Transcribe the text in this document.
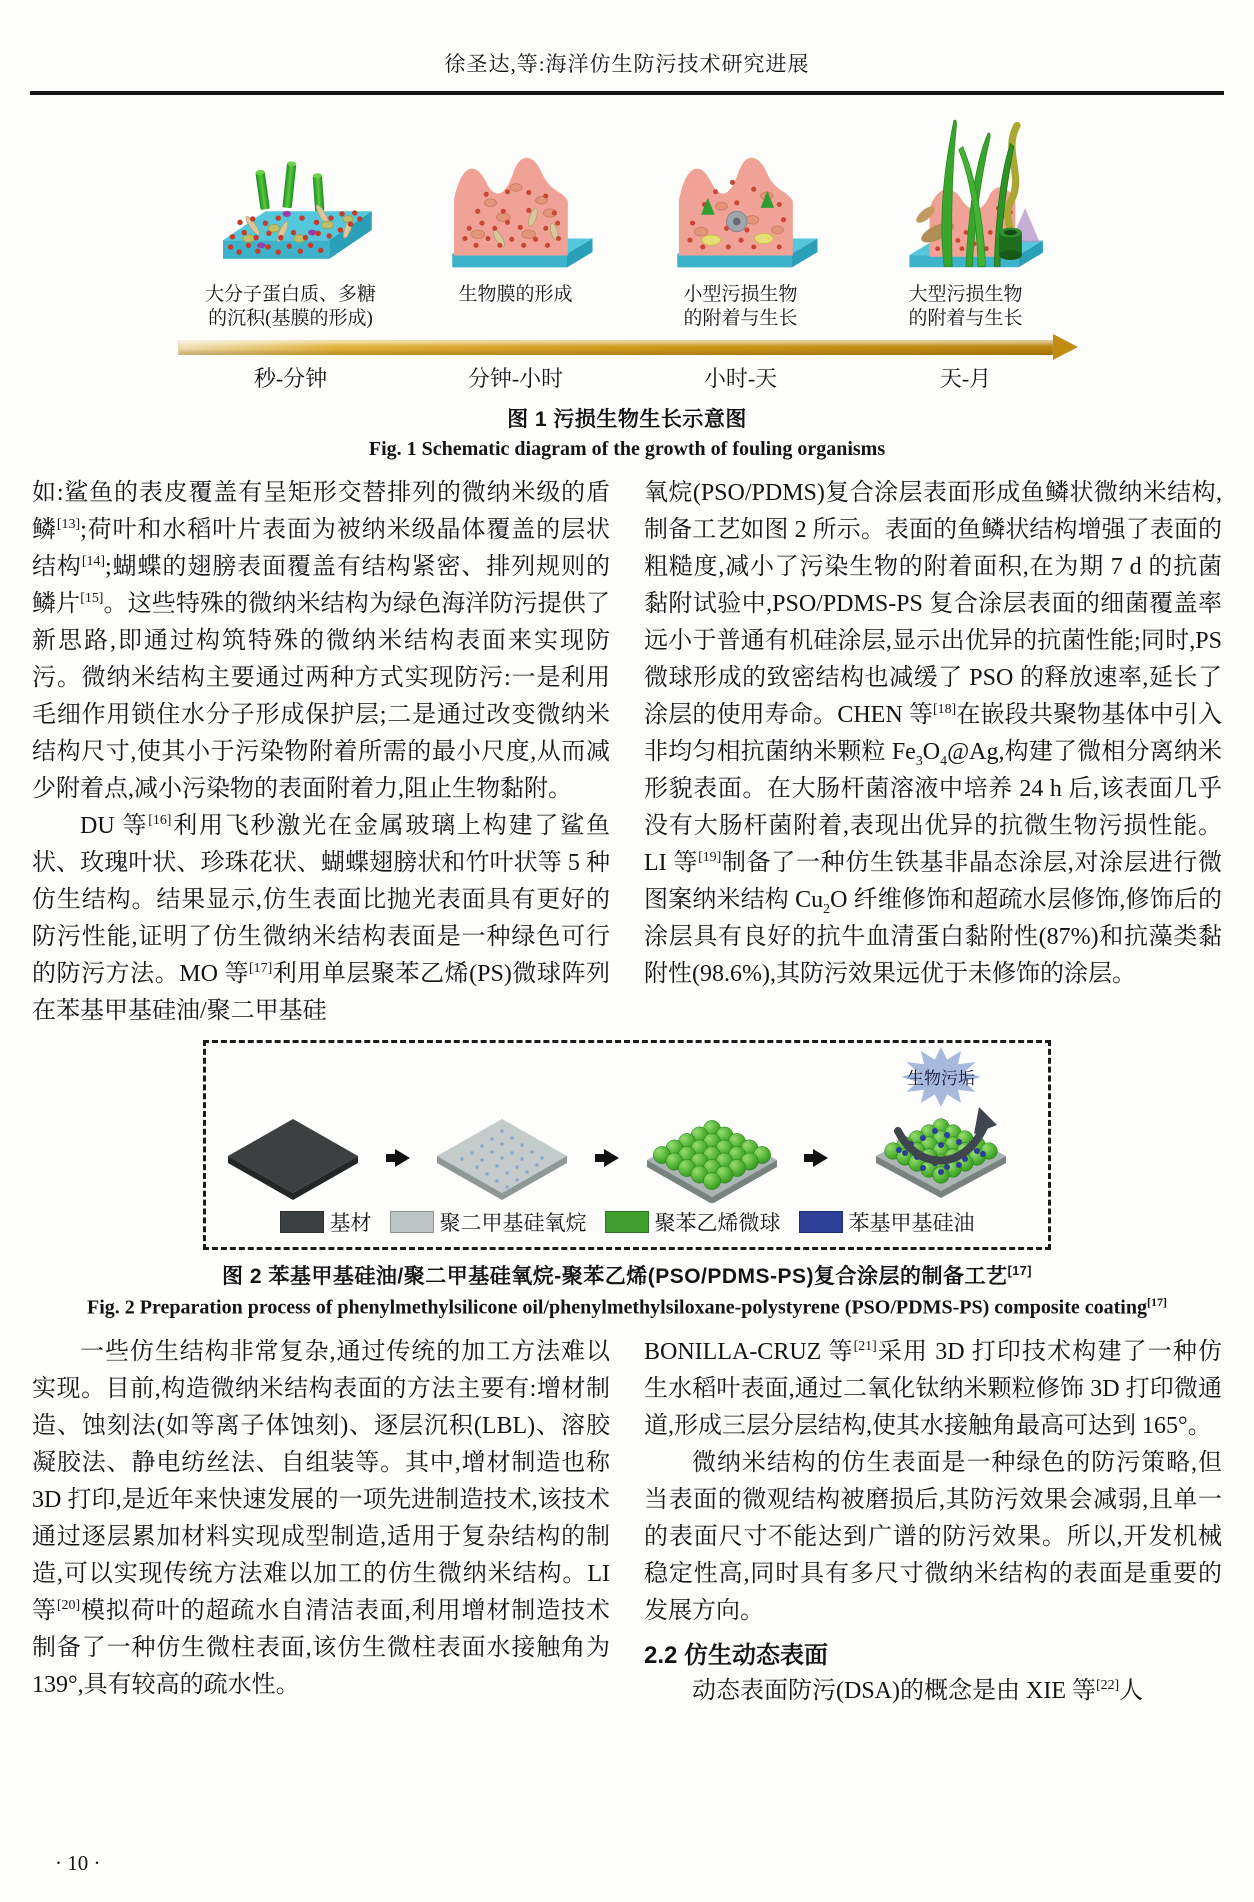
徐圣达,等:海洋仿生防污技术研究进展
大分子蛋白质、多糖
的沉积(基膜的形成)
生物膜的形成	小型污损生物
的附着与生长
大型污损生物
的附着与生长
秒-分钟	分钟-小时	小时-天	天-月
图 1 污损生物生长示意图
Fig. 1 Schematic diagram of the growth of fouling organisms

如:鲨鱼的表皮覆盖有呈矩形交替排列的微纳米级的盾鳞[13];荷叶和水稻叶片表面为被纳米级晶体覆盖的层状结构[14];蝴蝶的翅膀表面覆盖有结构紧密、排列规则的鳞片[15]。这些特殊的微纳米结构为绿色海洋防污提供了新思路,即通过构筑特殊的微纳米结构表面来实现防污。微纳米结构主要通过两种方式实现防污:一是利用毛细作用锁住水分子形成保护层;二是通过改变微纳米结构尺寸,使其小于污染物附着所需的最小尺度,从而减少附着点,减小污染物的表面附着力,阻止生物黏附。

DU 等[16]利用飞秒激光在金属玻璃上构建了鲨鱼状、玫瑰叶状、珍珠花状、蝴蝶翅膀状和竹叶状等 5 种仿生结构。结果显示,仿生表面比抛光表面具有更好的防污性能,证明了仿生微纳米结构表面是一种绿色可行的防污方法。MO 等[17]利用单层聚苯乙烯(PS)微球阵列在苯基甲基硅油/聚二甲基硅

氧烷(PSO/PDMS)复合涂层表面形成鱼鳞状微纳米结构,制备工艺如图 2 所示。表面的鱼鳞状结构增强了表面的粗糙度,减小了污染生物的附着面积,在为期 7 d 的抗菌黏附试验中,PSO/PDMS-PS 复合涂层表面的细菌覆盖率远小于普通有机硅涂层,显示出优异的抗菌性能;同时,PS 微球形成的致密结构也减缓了 PSO 的释放速率,延长了涂层的使用寿命。CHEN 等[18]在嵌段共聚物基体中引入非均匀相抗菌纳米颗粒 $Fe_3O_4@Ag$,构建了微相分离纳米形貌表面。在大肠杆菌溶液中培养 24 h 后,该表面几乎没有大肠杆菌附着,表现出优异的抗微生物污损性能。LI 等[19]制备了一种仿生铁基非晶态涂层,对涂层进行微图案纳米结构 $Cu_2O$ 纤维修饰和超疏水层修饰,修饰后的涂层具有良好的抗牛血清蛋白黏附性(87%)和抗藻类黏附性(98.6%),其防污效果远优于未修饰的涂层。

生物污垢
基材	聚二甲基硅氧烷	聚苯乙烯微球	苯基甲基硅油
图 2 苯基甲基硅油/聚二甲基硅氧烷-聚苯乙烯(PSO/PDMS-PS)复合涂层的制备工艺[17]
Fig. 2 Preparation process of phenylmethylsilicone oil/phenylmethylsiloxane-polystyrene (PSO/PDMS-PS) composite coating[17]

一些仿生结构非常复杂,通过传统的加工方法难以实现。目前,构造微纳米结构表面的方法主要有:增材制造、蚀刻法(如等离子体蚀刻)、逐层沉积(LBL)、溶胶凝胶法、静电纺丝法、自组装等。其中,增材制造也称 3D 打印,是近年来快速发展的一项先进制造技术,该技术通过逐层累加材料实现成型制造,适用于复杂结构的制造,可以实现传统方法难以加工的仿生微纳米结构。LI 等[20]模拟荷叶的超疏水自清洁表面,利用增材制造技术制备了一种仿生微柱表面,该仿生微柱表面水接触角为 139°,具有较高的疏水性。

BONILLA-CRUZ 等[21]采用 3D 打印技术构建了一种仿生水稻叶表面,通过二氧化钛纳米颗粒修饰 3D 打印微通道,形成三层分层结构,使其水接触角最高可达到 165°。

微纳米结构的仿生表面是一种绿色的防污策略,但当表面的微观结构被磨损后,其防污效果会减弱,且单一的表面尺寸不能达到广谱的防污效果。所以,开发机械稳定性高,同时具有多尺寸微纳米结构的表面是重要的发展方向。

2.2 仿生动态表面

动态表面防污(DSA)的概念是由 XIE 等[22]人

· 10 ·
